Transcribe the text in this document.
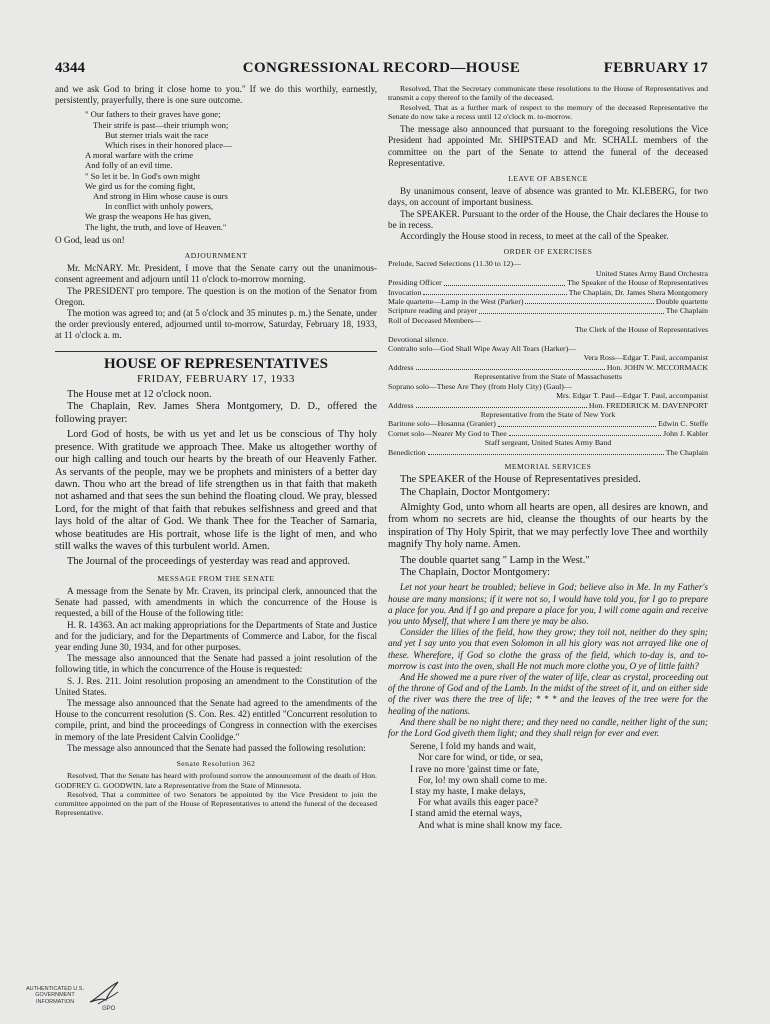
4344	CONGRESSIONAL RECORD—HOUSE	FEBRUARY 17

and we ask God to bring it close home to you." If we do this worthily, earnestly, persistently, prayerfully, there is one sure outcome.

" Our fathers to their graves have gone;
Their strife is past—their triumph won;
But sterner trials wait the race
Which rises in their honored place—
A moral warfare with the crime
And folly of an evil time.
" So let it be. In God's own might
We gird us for the coming fight,
And strong in Him whose cause is ours
In conflict with unholy powers,
We grasp the weapons He has given,
The light, the truth, and love of Heaven."

O God, lead us on!

ADJOURNMENT

Mr. McNARY. Mr. President, I move that the Senate carry out the unanimous-consent agreement and adjourn until 11 o'clock to-morrow morning.

The PRESIDENT pro tempore. The question is on the motion of the Senator from Oregon.

The motion was agreed to; and (at 5 o'clock and 35 minutes p. m.) the Senate, under the order previously entered, adjourned until to-morrow, Saturday, February 18, 1933, at 11 o'clock a. m.

HOUSE OF REPRESENTATIVES

FRIDAY, FEBRUARY 17, 1933

The House met at 12 o'clock noon.

The Chaplain, Rev. James Shera Montgomery, D. D., offered the following prayer:

Lord God of hosts, be with us yet and let us be conscious of Thy holy presence. With gratitude we approach Thee. Make us altogether worthy of our high calling and touch our hearts by the breath of our Heavenly Father. As servants of the people, may we be prophets and ministers of a better day dawn. Thou who art the bread of life strengthen us in that faith that maketh not ashamed and that sees the sun behind the floating cloud. We pray, blessed Lord, for the might of that faith that rebukes selfishness and greed and that lays hold of the altar of God. We thank Thee for the Teacher of Samaria, whose beatitudes are His portrait, whose life is the light of men, and who still walks the waves of this turbulent world. Amen.

The Journal of the proceedings of yesterday was read and approved.

MESSAGE FROM THE SENATE

A message from the Senate by Mr. Craven, its principal clerk, announced that the Senate had passed, with amendments in which the concurrence of the House is requested, a bill of the House of the following title:

H. R. 14363. An act making appropriations for the Departments of State and Justice and for the judiciary, and for the Departments of Commerce and Labor, for the fiscal year ending June 30, 1934, and for other purposes.

The message also announced that the Senate had passed a joint resolution of the following title, in which the concurrence of the House is requested:

S. J. Res. 211. Joint resolution proposing an amendment to the Constitution of the United States.

The message also announced that the Senate had agreed to the amendments of the House to the concurrent resolution (S. Con. Res. 42) entitled "Concurrent resolution to compile, print, and bind the proceedings of Congress in connection with the exercises in memory of the late President Calvin Coolidge."

The message also announced that the Senate had passed the following resolution:

Senate Resolution 362

Resolved, That the Senate has heard with profound sorrow the announcement of the death of Hon. GODFREY G. GOODWIN, late a Representative from the State of Minnesota.

Resolved, That a committee of two Senators be appointed by the Vice President to join the committee appointed on the part of the House of Representatives to attend the funeral of the deceased Representative.

Resolved, That the Secretary communicate these resolutions to the House of Representatives and transmit a copy thereof to the family of the deceased.

Resolved, That as a further mark of respect to the memory of the deceased Representative the Senate do now take a recess until 12 o'clock m. to-morrow.

The message also announced that pursuant to the foregoing resolutions the Vice President had appointed Mr. SHIPSTEAD and Mr. SCHALL members of the committee on the part of the Senate to attend the funeral of the deceased Representative.

LEAVE OF ABSENCE

By unanimous consent, leave of absence was granted to Mr. KLEBERG, for two days, on account of important business.

The SPEAKER. Pursuant to the order of the House, the Chair declares the House to be in recess.

Accordingly the House stood in recess, to meet at the call of the Speaker.

ORDER OF EXERCISES

Prelude, Sacred Selections (11.30 to 12)—
United States Army Band Orchestra
Presiding Officer	The Speaker of the House of Representatives
Invocation	The Chaplain, Dr. James Shera Montgomery
Male quartette—Lamp in the West (Parker)	Double quartette
Scripture reading and prayer	The Chaplain
Roll of Deceased Members—
The Clerk of the House of Representatives
Devotional silence.
Contralto solo—God Shall Wipe Away All Tears (Harker)—
Vera Ross—Edgar T. Paul, accompanist
Address	Hon. JOHN W. MCCORMACK
Representative from the State of Massachusetts
Soprano solo—These Are They (from Holy City) (Gaul)—
Mrs. Edgar T. Paul—Edgar T. Paul, accompanist
Address	Hon. FREDERICK M. DAVENPORT
Representative from the State of New York
Baritone solo—Hosanna (Granier)	Edwin C. Steffe
Cornet solo—Nearer My God to Thee	John J. Kahler
Staff sergeant, United States Army Band
Benediction	The Chaplain

MEMORIAL SERVICES

The SPEAKER of the House of Representatives presided.

The Chaplain, Doctor Montgomery:

Almighty God, unto whom all hearts are open, all desires are known, and from whom no secrets are hid, cleanse the thoughts of our hearts by the inspiration of Thy Holy Spirit, that we may perfectly love Thee and worthily magnify Thy holy name. Amen.

The double quartet sang " Lamp in the West."

The Chaplain, Doctor Montgomery:

Let not your heart be troubled; believe in God; believe also in Me. In my Father's house are many mansions; if it were not so, I would have told you, for I go to prepare a place for you. And if I go and prepare a place for you, I will come again and receive you unto Myself, that where I am there ye may be also.

Consider the lilies of the field, how they grow; they toil not, neither do they spin; and yet I say unto you that even Solomon in all his glory was not arrayed like one of these. Wherefore, if God so clothe the grass of the field, which to-day is, and to-morrow is cast into the oven, shall He not much more clothe you, O ye of little faith?

And He showed me a pure river of the water of life, clear as crystal, proceeding out of the throne of God and of the Lamb. In the midst of the street of it, and on either side of the river was there the tree of life; * * * and the leaves of the tree were for the healing of the nations.

And there shall be no night there; and they need no candle, neither light of the sun; for the Lord God giveth them light; and they shall reign for ever and ever.

Serene, I fold my hands and wait,
Nor care for wind, or tide, or sea,
I rave no more 'gainst time or fate,
For, lo! my own shall come to me.
I stay my haste, I make delays,
For what avails this eager pace?
I stand amid the eternal ways,
And what is mine shall know my face.
AUTHENTICATED U.S. GOVERNMENT INFORMATION
GPO
